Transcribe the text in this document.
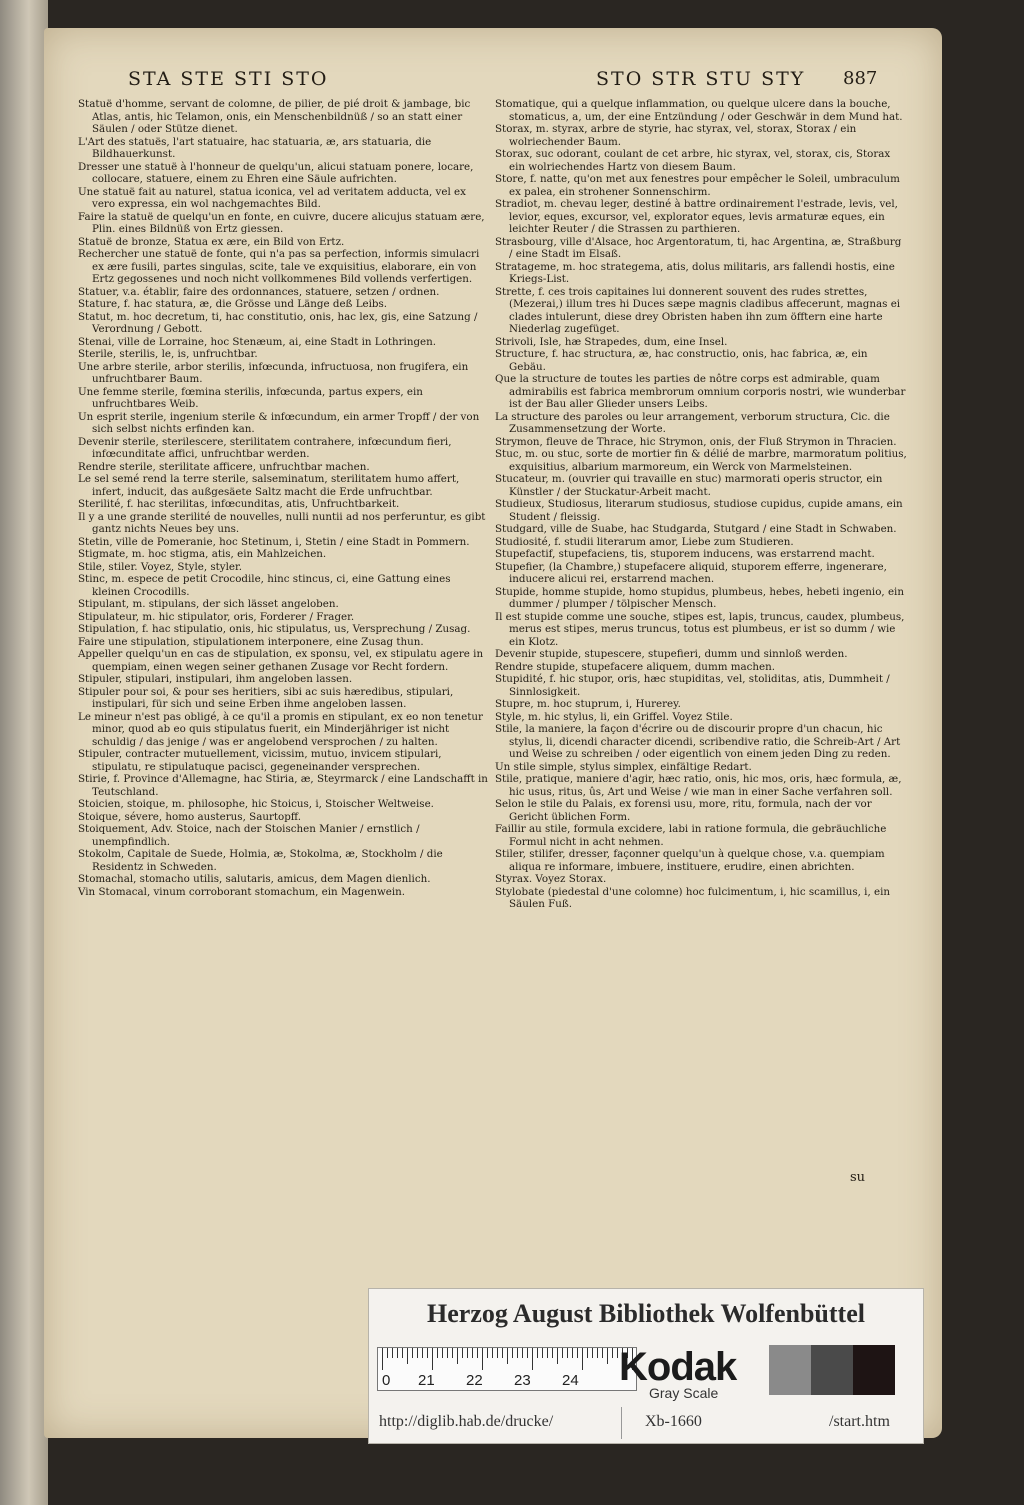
STA STE STI STO	STO STR STU STY	887

Statuë d'homme, servant de colomne, de pilier, de pié droit & jambage, bic Atlas, antis, hic Telamon, onis, ein Menschenbildnüß / so an statt einer Säulen / oder Stütze dienet.

L'Art des statuës, l'art statuaire, hac statuaria, æ, ars statuaria, die Bildhauerkunst.

Dresser une statuë à l'honneur de quelqu'un, alicui statuam ponere, locare, collocare, statuere, einem zu Ehren eine Säule aufrichten.

Une statuë fait au naturel, statua iconica, vel ad veritatem adducta, vel ex vero expressa, ein wol nachgemachtes Bild.

Faire la statuë de quelqu'un en fonte, en cuivre, ducere alicujus statuam ære, Plin. eines Bildnüß von Ertz giessen.

Statuë de bronze, Statua ex ære, ein Bild von Ertz.

Rechercher une statuë de fonte, qui n'a pas sa perfection, informis simulacri ex ære fusili, partes singulas, scite, tale ve exquisitius, elaborare, ein von Ertz gegossenes und noch nicht vollkommenes Bild vollends verfertigen.

Statuer, v.a. établir, faire des ordonnances, statuere, setzen / ordnen.

Stature, f. hac statura, æ, die Grösse und Länge deß Leibs.

Statut, m. hoc decretum, ti, hac constitutio, onis, hac lex, gis, eine Satzung / Verordnung / Gebott.

Stenai, ville de Lorraine, hoc Stenæum, ai, eine Stadt in Lothringen.

Sterile, sterilis, le, is, unfruchtbar.

Une arbre sterile, arbor sterilis, infœcunda, infructuosa, non frugifera, ein unfruchtbarer Baum.

Une femme sterile, fœmina sterilis, infœcunda, partus expers, ein unfruchtbares Weib.

Un esprit sterile, ingenium sterile & infœcundum, ein armer Tropff / der von sich selbst nichts erfinden kan.

Devenir sterile, sterilescere, sterilitatem contrahere, infœcundum fieri, infœcunditate affici, unfruchtbar werden.

Rendre sterile, sterilitate afficere, unfruchtbar machen.

Le sel semé rend la terre sterile, salseminatum, sterilitatem humo affert, infert, inducit, das außgesäete Saltz macht die Erde unfruchtbar.

Sterilité, f. hac sterilitas, infœcunditas, atis, Unfruchtbarkeit.

Il y a une grande sterilité de nouvelles, nulli nuntii ad nos perferuntur, es gibt gantz nichts Neues bey uns.

Stetin, ville de Pomeranie, hoc Stetinum, i, Stetin / eine Stadt in Pommern.

Stigmate, m. hoc stigma, atis, ein Mahlzeichen.

Stile, stiler. Voyez, Style, styler.

Stinc, m. espece de petit Crocodile, hinc stincus, ci, eine Gattung eines kleinen Crocodills.

Stipulant, m. stipulans, der sich lässet angeloben.

Stipulateur, m. hic stipulator, oris, Forderer / Frager.

Stipulation, f. hac stipulatio, onis, hic stipulatus, us, Versprechung / Zusag.

Faire une stipulation, stipulationem interponere, eine Zusag thun.

Appeller quelqu'un en cas de stipulation, ex sponsu, vel, ex stipulatu agere in quempiam, einen wegen seiner gethanen Zusage vor Recht fordern.

Stipuler, stipulari, instipulari, ihm angeloben lassen.

Stipuler pour soi, & pour ses heritiers, sibi ac suis hæredibus, stipulari, instipulari, für sich und seine Erben ihme angeloben lassen.

Le mineur n'est pas obligé, à ce qu'il a promis en stipulant, ex eo non tenetur minor, quod ab eo quis stipulatus fuerit, ein Minderjähriger ist nicht schuldig / das jenige / was er angelobend versprochen / zu halten.

Stipuler, contracter mutuellement, vicissim, mutuo, invicem stipulari, stipulatu, re stipulatuque pacisci, gegeneinander versprechen.

Stirie, f. Province d'Allemagne, hac Stiria, æ, Steyrmarck / eine Landschafft in Teutschland.

Stoicien, stoique, m. philosophe, hic Stoicus, i, Stoischer Weltweise.

Stoique, sévere, homo austerus, Saurtopff.

Stoiquement, Adv. Stoice, nach der Stoischen Manier / ernstlich / unempfindlich.

Stokolm, Capitale de Suede, Holmia, æ, Stokolma, æ, Stockholm / die Residentz in Schweden.

Stomachal, stomacho utilis, salutaris, amicus, dem Magen dienlich.

Vin Stomacal, vinum corroborant stomachum, ein Magenwein.

Stomatique, qui a quelque inflammation, ou quelque ulcere dans la bouche, stomaticus, a, um, der eine Entzündung / oder Geschwär in dem Mund hat.

Storax, m. styrax, arbre de styrie, hac styrax, vel, storax, Storax / ein wolriechender Baum.

Storax, suc odorant, coulant de cet arbre, hic styrax, vel, storax, cis, Storax ein wolriechendes Hartz von diesem Baum.

Store, f. natte, qu'on met aux fenestres pour empêcher le Soleil, umbraculum ex palea, ein strohener Sonnenschirm.

Stradiot, m. chevau leger, destiné à battre ordinairement l'estrade, levis, vel, levior, eques, excursor, vel, explorator eques, levis armaturæ eques, ein leichter Reuter / die Strassen zu parthieren.

Strasbourg, ville d'Alsace, hoc Argentoratum, ti, hac Argentina, æ, Straßburg / eine Stadt im Elsaß.

Stratageme, m. hoc strategema, atis, dolus militaris, ars fallendi hostis, eine Kriegs-List.

Strette, f. ces trois capitaines lui donnerent souvent des rudes strettes, (Mezerai,) illum tres hi Duces sæpe magnis cladibus affecerunt, magnas ei clades intulerunt, diese drey Obristen haben ihn zum öfftern eine harte Niederlag zugefüget.

Strivoli, Isle, hæ Strapedes, dum, eine Insel.

Structure, f. hac structura, æ, hac constructio, onis, hac fabrica, æ, ein Gebäu.

Que la structure de toutes les parties de nôtre corps est admirable, quam admirabilis est fabrica membrorum omnium corporis nostri, wie wunderbar ist der Bau aller Glieder unsers Leibs.

La structure des paroles ou leur arrangement, verborum structura, Cic. die Zusammensetzung der Worte.

Strymon, fleuve de Thrace, hic Strymon, onis, der Fluß Strymon in Thracien.

Stuc, m. ou stuc, sorte de mortier fin & délié de marbre, marmoratum politius, exquisitius, albarium marmoreum, ein Werck von Marmelsteinen.

Stucateur, m. (ouvrier qui travaille en stuc) marmorati operis structor, ein Künstler / der Stuckatur-Arbeit macht.

Studieux, Studiosus, literarum studiosus, studiose cupidus, cupide amans, ein Student / fleissig.

Studgard, ville de Suabe, hac Studgarda, Stutgard / eine Stadt in Schwaben.

Studiosité, f. studii literarum amor, Liebe zum Studieren.

Stupefactif, stupefaciens, tis, stuporem inducens, was erstarrend macht.

Stupefier, (la Chambre,) stupefacere aliquid, stuporem efferre, ingenerare, inducere alicui rei, erstarrend machen.

Stupide, homme stupide, homo stupidus, plumbeus, hebes, hebeti ingenio, ein dummer / plumper / tölpischer Mensch.

Il est stupide comme une souche, stipes est, lapis, truncus, caudex, plumbeus, merus est stipes, merus truncus, totus est plumbeus, er ist so dumm / wie ein Klotz.

Devenir stupide, stupescere, stupefieri, dumm und sinnloß werden.

Rendre stupide, stupefacere aliquem, dumm machen.

Stupidité, f. hic stupor, oris, hæc stupiditas, vel, stoliditas, atis, Dummheit / Sinnlosigkeit.

Stupre, m. hoc stuprum, i, Hurerey.

Style, m. hic stylus, li, ein Griffel. Voyez Stile.

Stile, la maniere, la façon d'écrire ou de discourir propre d'un chacun, hic stylus, li, dicendi character dicendi, scribendive ratio, die Schreib-Art / Art und Weise zu schreiben / oder eigentlich von einem jeden Ding zu reden.

Un stile simple, stylus simplex, einfältige Redart.

Stile, pratique, maniere d'agir, hæc ratio, onis, hic mos, oris, hæc formula, æ, hic usus, ritus, ûs, Art und Weise / wie man in einer Sache verfahren soll.

Selon le stile du Palais, ex forensi usu, more, ritu, formula, nach der vor Gericht üblichen Form.

Faillir au stile, formula excidere, labi in ratione formula, die gebräuchliche Formul nicht in acht nehmen.

Stiler, stilifer, dresser, façonner quelqu'un à quelque chose, v.a. quempiam aliqua re informare, imbuere, instituere, erudire, einen abrichten.

Styrax. Voyez Storax.

Stylobate (piedestal d'une colomne) hoc fulcimentum, i, hic scamillus, i, ein Säulen Fuß.

su
Herzog August Bibliothek Wolfenbüttel
0 21 22 23 24 Kodak
Gray Scale
http://diglib.hab.de/drucke/	Xb-1660	/start.htm
